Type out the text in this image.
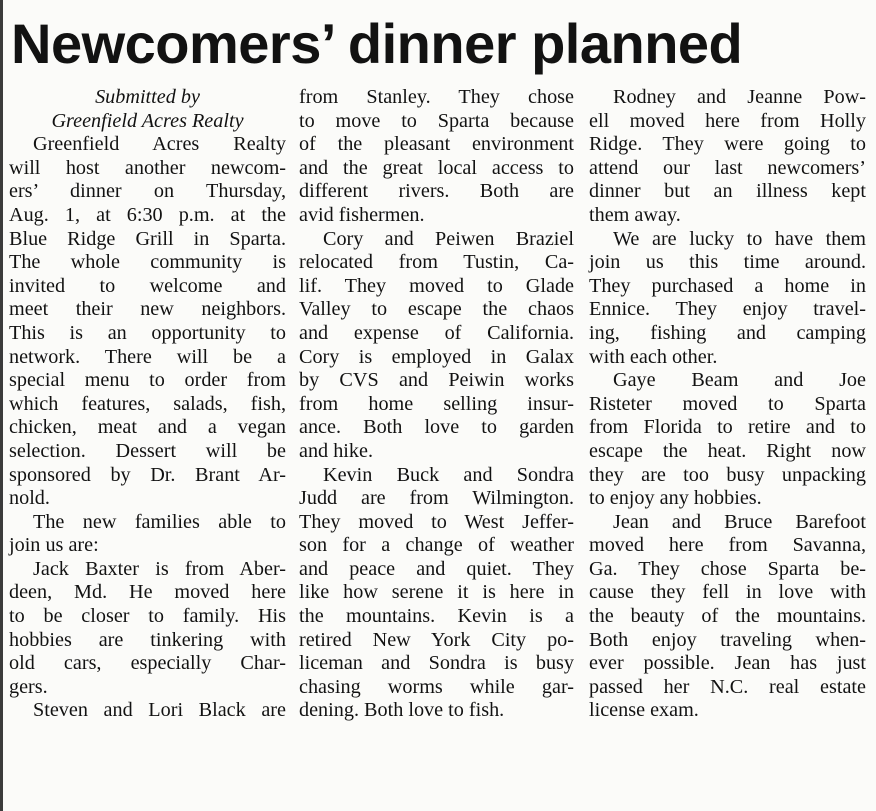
Newcomers’ dinner planned
Submitted by
Greenfield Acres Realty
Greenfield Acres Realty
will host another newcom-
ers’ dinner on Thursday,
Aug. 1, at 6:30 p.m. at the
Blue Ridge Grill in Sparta.
The whole community is
invited to welcome and
meet their new neighbors.
This is an opportunity to
network. There will be a
special menu to order from
which features, salads, fish,
chicken, meat and a vegan
selection. Dessert will be
sponsored by Dr. Brant Ar-
nold.
The new families able to
join us are:
Jack Baxter is from Aber-
deen, Md. He moved here
to be closer to family. His
hobbies are tinkering with
old cars, especially Char-
gers.
Steven and Lori Black are
from Stanley. They chose
to move to Sparta because
of the pleasant environment
and the great local access to
different rivers. Both are
avid fishermen.
Cory and Peiwen Braziel
relocated from Tustin, Ca-
lif. They moved to Glade
Valley to escape the chaos
and expense of California.
Cory is employed in Galax
by CVS and Peiwin works
from home selling insur-
ance. Both love to garden
and hike.
Kevin Buck and Sondra
Judd are from Wilmington.
They moved to West Jeffer-
son for a change of weather
and peace and quiet. They
like how serene it is here in
the mountains. Kevin is a
retired New York City po-
liceman and Sondra is busy
chasing worms while gar-
dening. Both love to fish.
Rodney and Jeanne Pow-
ell moved here from Holly
Ridge. They were going to
attend our last newcomers’
dinner but an illness kept
them away.
We are lucky to have them
join us this time around.
They purchased a home in
Ennice. They enjoy travel-
ing, fishing and camping
with each other.
Gaye Beam and Joe
Risteter moved to Sparta
from Florida to retire and to
escape the heat. Right now
they are too busy unpacking
to enjoy any hobbies.
Jean and Bruce Barefoot
moved here from Savanna,
Ga. They chose Sparta be-
cause they fell in love with
the beauty of the mountains.
Both enjoy traveling when-
ever possible. Jean has just
passed her N.C. real estate
license exam.
